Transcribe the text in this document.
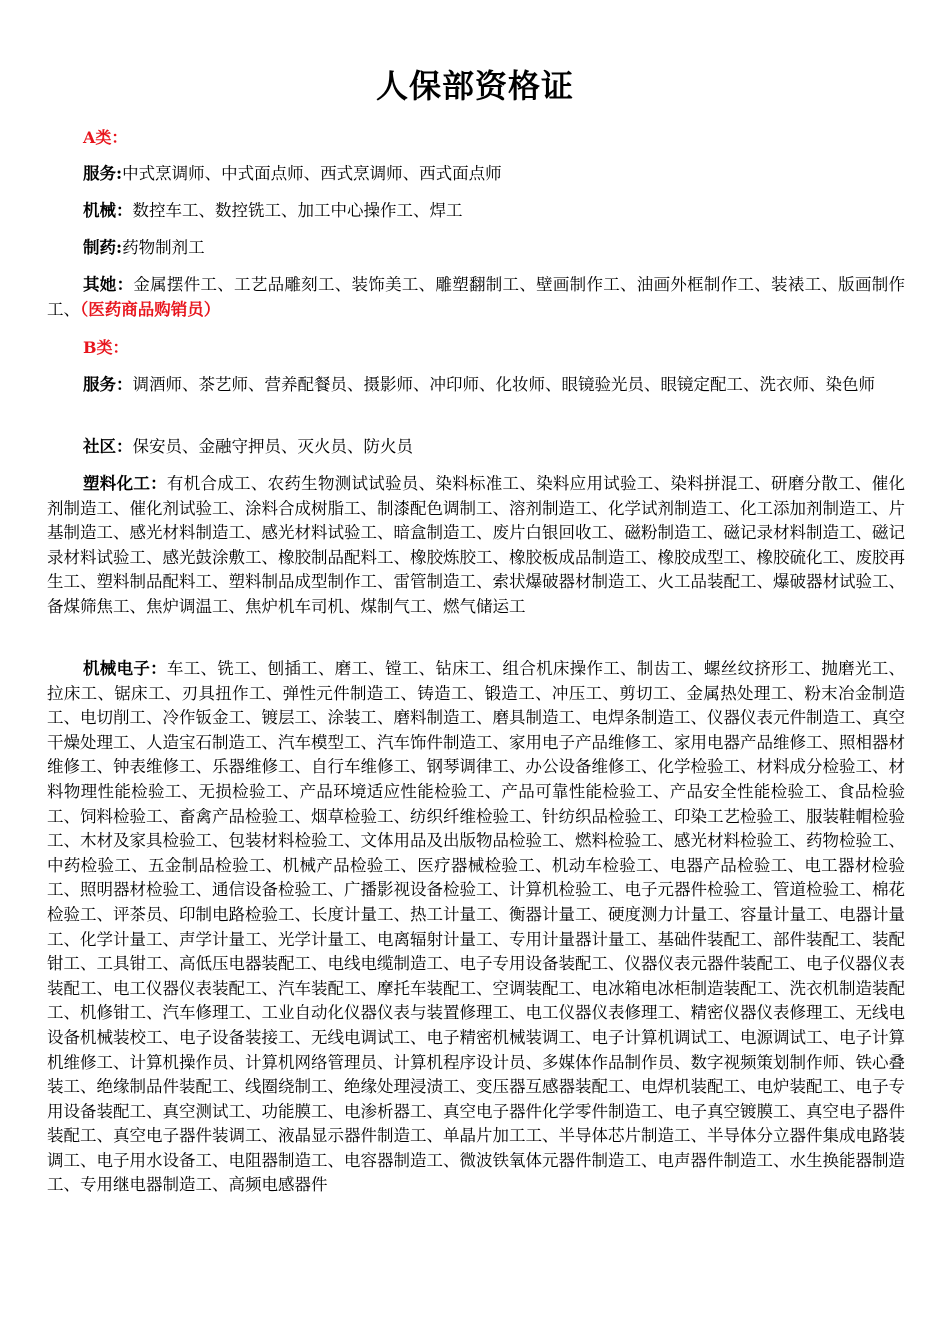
人保部资格证
A类：

服务:中式烹调师、中式面点师、西式烹调师、西式面点师

机械：数控车工、数控铣工、加工中心操作工、焊工

制药:药物制剂工

其她：金属摆件工、工艺品雕刻工、装饰美工、雕塑翻制工、壁画制作工、油画外框制作工、装裱工、版画制作工、（医药商品购销员）

B类：

服务：调酒师、茶艺师、营养配餐员、摄影师、冲印师、化妆师、眼镜验光员、眼镜定配工、洗衣师、染色师

社区：保安员、金融守押员、灭火员、防火员

塑料化工：有机合成工、农药生物测试试验员、染料标准工、染料应用试验工、染料拼混工、研磨分散工、催化剂制造工、催化剂试验工、涂料合成树脂工、制漆配色调制工、溶剂制造工、化学试剂制造工、化工添加剂制造工、片基制造工、感光材料制造工、感光材料试验工、暗盒制造工、废片白银回收工、磁粉制造工、磁记录材料制造工、磁记录材料试验工、感光鼓涂敷工、橡胶制品配料工、橡胶炼胶工、橡胶板成品制造工、橡胶成型工、橡胶硫化工、废胶再生工、塑料制品配料工、塑料制品成型制作工、雷管制造工、索状爆破器材制造工、火工品装配工、爆破器材试验工、备煤筛焦工、焦炉调温工、焦炉机车司机、煤制气工、燃气储运工

机械电子：车工、铣工、刨插工、磨工、镗工、钻床工、组合机床操作工、制齿工、螺丝纹挤形工、抛磨光工、拉床工、锯床工、刃具扭作工、弹性元件制造工、铸造工、锻造工、冲压工、剪切工、金属热处理工、粉末冶金制造工、电切削工、冷作钣金工、镀层工、涂装工、磨料制造工、磨具制造工、电焊条制造工、仪器仪表元件制造工、真空干燥处理工、人造宝石制造工、汽车模型工、汽车饰件制造工、家用电子产品维修工、家用电器产品维修工、照相器材维修工、钟表维修工、乐器维修工、自行车维修工、钢琴调律工、办公设备维修工、化学检验工、材料成分检验工、材料物理性能检验工、无损检验工、产品环境适应性能检验工、产品可靠性能检验工、产品安全性能检验工、食品检验工、饲料检验工、畜禽产品检验工、烟草检验工、纺织纤维检验工、针纺织品检验工、印染工艺检验工、服装鞋帽检验工、木材及家具检验工、包装材料检验工、文体用品及出版物品检验工、燃料检验工、感光材料检验工、药物检验工、中药检验工、五金制品检验工、机械产品检验工、医疗器械检验工、机动车检验工、电器产品检验工、电工器材检验工、照明器材检验工、通信设备检验工、广播影视设备检验工、计算机检验工、电子元器件检验工、管道检验工、棉花检验工、评茶员、印制电路检验工、长度计量工、热工计量工、衡器计量工、硬度测力计量工、容量计量工、电器计量工、化学计量工、声学计量工、光学计量工、电离辐射计量工、专用计量器计量工、基础件装配工、部件装配工、装配钳工、工具钳工、高低压电器装配工、电线电缆制造工、电子专用设备装配工、仪器仪表元器件装配工、电子仪器仪表装配工、电工仪器仪表装配工、汽车装配工、摩托车装配工、空调装配工、电冰箱电冰柜制造装配工、洗衣机制造装配工、机修钳工、汽车修理工、工业自动化仪器仪表与装置修理工、电工仪器仪表修理工、精密仪器仪表修理工、无线电设备机械装校工、电子设备装接工、无线电调试工、电子精密机械装调工、电子计算机调试工、电源调试工、电子计算机维修工、计算机操作员、计算机网络管理员、计算机程序设计员、多媒体作品制作员、数字视频策划制作师、铁心叠装工、绝缘制品件装配工、线圈绕制工、绝缘处理浸渍工、变压器互感器装配工、电焊机装配工、电炉装配工、电子专用设备装配工、真空测试工、功能膜工、电渗析器工、真空电子器件化学零件制造工、电子真空镀膜工、真空电子器件装配工、真空电子器件装调工、液晶显示器件制造工、单晶片加工工、半导体芯片制造工、半导体分立器件集成电路装调工、电子用水设备工、电阻器制造工、电容器制造工、微波铁氧体元器件制造工、电声器件制造工、水生换能器制造工、专用继电器制造工、高频电感器件
